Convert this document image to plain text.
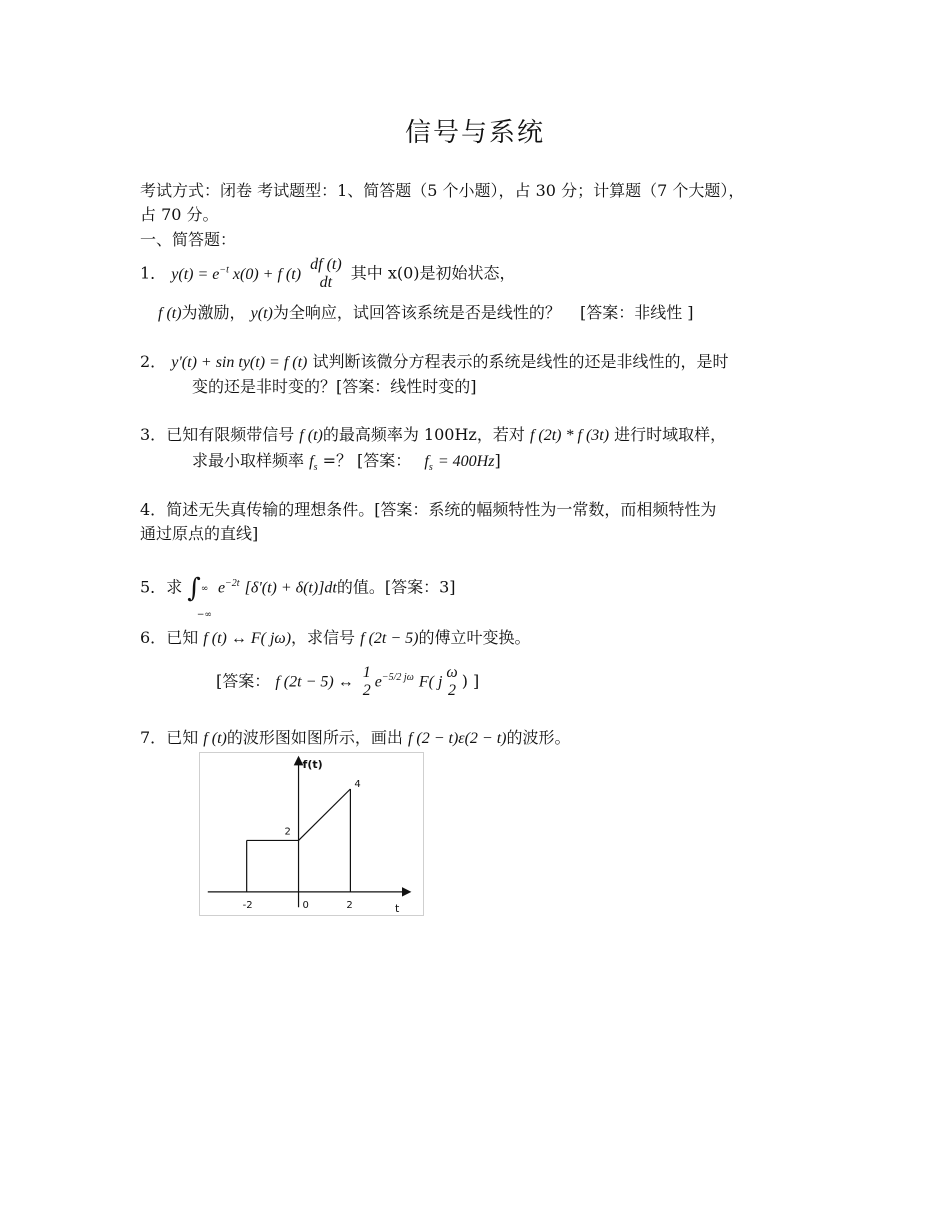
信号与系统
考试方式：闭卷 考试题型：1、简答题（5 个小题），占 30 分；计算题（7 个大题），
占 70 分。
一、简答题：
1． $y(t) = e^{-t}$ x(0) + f (t)
df (t)
dt	其中 x(0)是初始状态，
f (t)为激励， y(t)为全响应，试回答该系统是否是线性的？ [答案：非线性 ]
2． y'(t) + sin ty(t) = f (t) 试判断该微分方程表示的系统是线性的还是非线性的，是时
变的还是非时变的？[答案：线性时变的]
3．已知有限频带信号 f (t)的最高频率为 100Hz，若对 f (2t) * f (3t) 进行时域取样，
求最小取样频率 $f_s$ =？ [答案： $f_s = 400Hz$]
4．简述无失真传输的理想条件。[答案：系统的幅频特性为一常数，而相频特性为
通过原点的直线]
5．求 ∫ ∞
−∞
$e^{-2t}$ [δ'(t) + δ(t)]dt的值。[答案：3]
6．已知 f (t) ↔ F( jω)，求信号 f (2t − 5)的傅立叶变换。
[答案： f (2t − 5) ↔
1
2 $e^{-5/2 j\omega}$ F( j
ω
2 ) ]
7．已知 f (t)的波形图如图所示，画出 f (2 − t)ε(2 − t)的波形。
-2	0	2
2
4
f(t)
t
